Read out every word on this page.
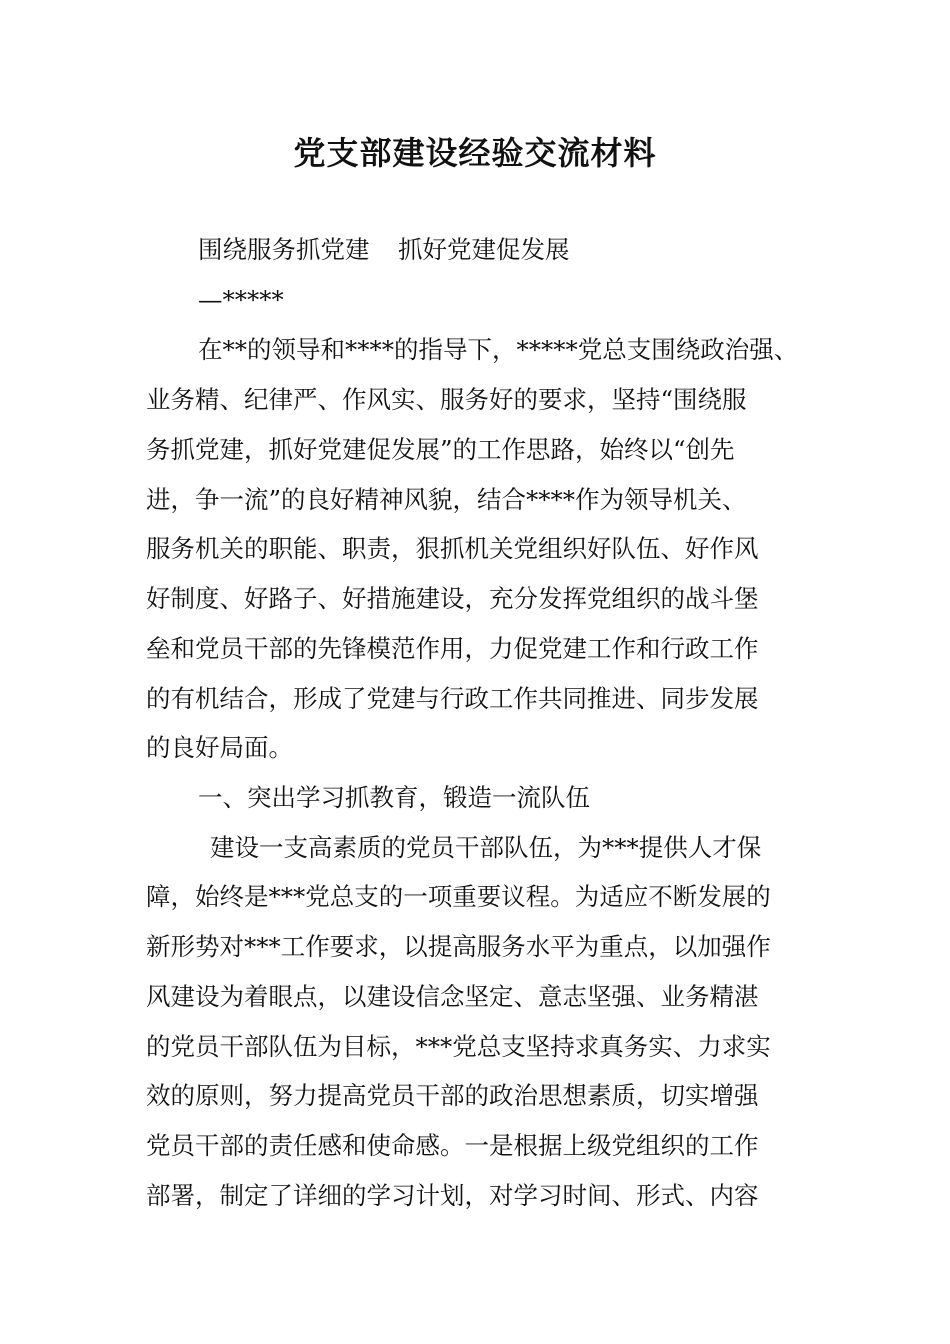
党支部建设经验交流材料
围绕服务抓党建 抓好党建促发展
—*****
在**的领导和****的指导下，*****党总支围绕政治强、
业务精、纪律严、作风实、服务好的要求，坚持“围绕服
务抓党建，抓好党建促发展”的工作思路，始终以“创先
进，争一流”的良好精神风貌，结合****作为领导机关、
服务机关的职能、职责，狠抓机关党组织好队伍、好作风
好制度、好路子、好措施建设，充分发挥党组织的战斗堡
垒和党员干部的先锋模范作用，力促党建工作和行政工作
的有机结合，形成了党建与行政工作共同推进、同步发展
的良好局面。
一、突出学习抓教育，锻造一流队伍
建设一支高素质的党员干部队伍，为***提供人才保
障，始终是***党总支的一项重要议程。为适应不断发展的
新形势对***工作要求，以提高服务水平为重点，以加强作
风建设为着眼点，以建设信念坚定、意志坚强、业务精湛
的党员干部队伍为目标，***党总支坚持求真务实、力求实
效的原则，努力提高党员干部的政治思想素质，切实增强
党员干部的责任感和使命感。一是根据上级党组织的工作
部署，制定了详细的学习计划，对学习时间、形式、内容
